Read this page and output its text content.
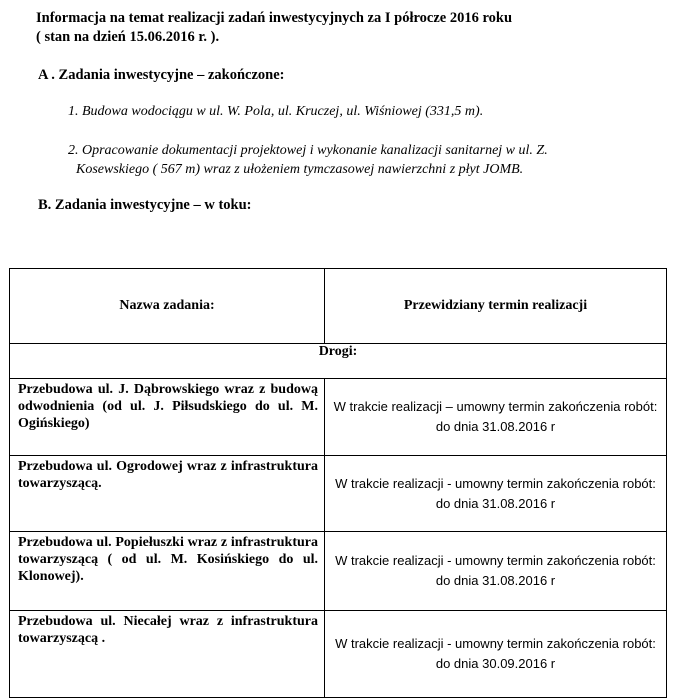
Informacja na temat realizacji zadań inwestycyjnych za I półrocze 2016 roku
( stan na dzień 15.06.2016 r. ).
A . Zadania inwestycyjne – zakończone:
1. Budowa wodociągu w ul. W. Pola, ul. Kruczej, ul. Wiśniowej (331,5 m).
2. Opracowanie dokumentacji projektowej i wykonanie kanalizacji sanitarnej w ul. Z.
Kosewskiego ( 567 m) wraz z ułożeniem tymczasowej nawierzchni z płyt JOMB.
B. Zadania inwestycyjne – w toku:
Nazwa zadania:	Przewidziany termin realizacji
Drogi:	
Przebudowa ul. J. Dąbrowskiego wraz z budową odwodnienia (od ul. J. Piłsudskiego do ul. M. Ogińskiego)	W trakcie realizacji – umowny termin zakończenia robót: do dnia 31.08.2016 r
Przebudowa ul. Ogrodowej wraz z infrastruktura towarzyszącą.	W trakcie realizacji - umowny termin zakończenia robót: do dnia 31.08.2016 r
Przebudowa ul. Popiełuszki wraz z infrastruktura towarzyszącą ( od ul. M. Kosińskiego do ul. Klonowej).	W trakcie realizacji - umowny termin zakończenia robót: do dnia 31.08.2016 r
Przebudowa ul. Niecałej wraz z infrastruktura towarzyszącą .	W trakcie realizacji - umowny termin zakończenia robót: do dnia 30.09.2016 r
